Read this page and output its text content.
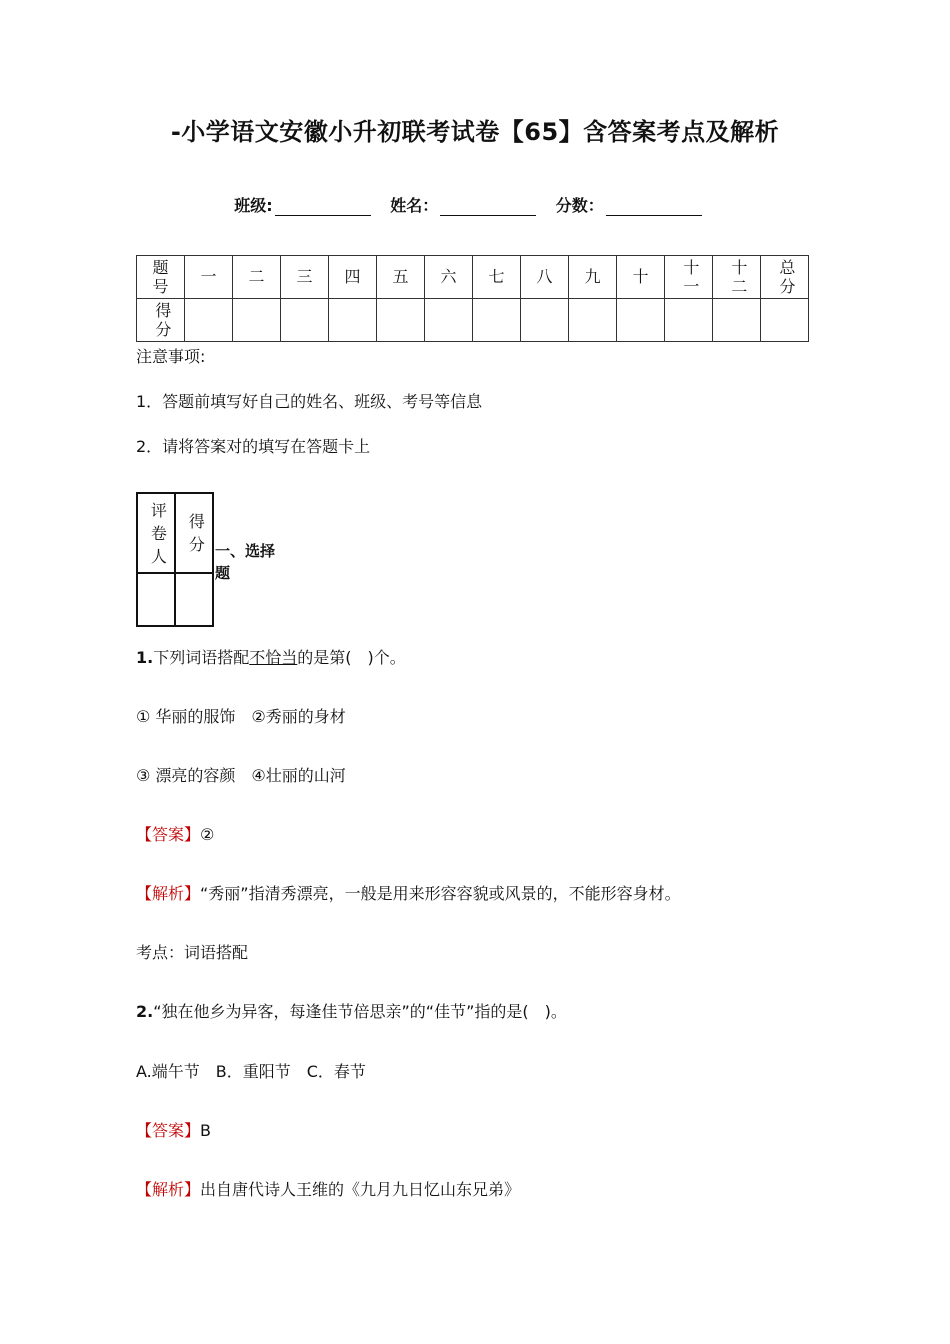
-小学语文安徽小升初联考试卷【65】含答案考点及解析
班级:	姓名：	分数：
题号	一	二	三	四	五	六	七	八	九	十	十一	十二	总分

得分													

注意事项:
1．答题前填写好自己的姓名、班级、考号等信息
2．请将答案对的填写在答题卡上
评卷人	得分

	一、选择题
1.下列词语搭配不恰当的是第(　)个。
① 华丽的服饰　②秀丽的身材
③ 漂亮的容颜　④壮丽的山河
【答案】②
【解析】“秀丽”指清秀漂亮，一般是用来形容容貌或风景的，不能形容身材。
考点：词语搭配
2.“独在他乡为异客，每逢佳节倍思亲”的“佳节”指的是(　)。
A.端午节　B．重阳节　C．春节
【答案】B
【解析】出自唐代诗人王维的《九月九日忆山东兄弟》
